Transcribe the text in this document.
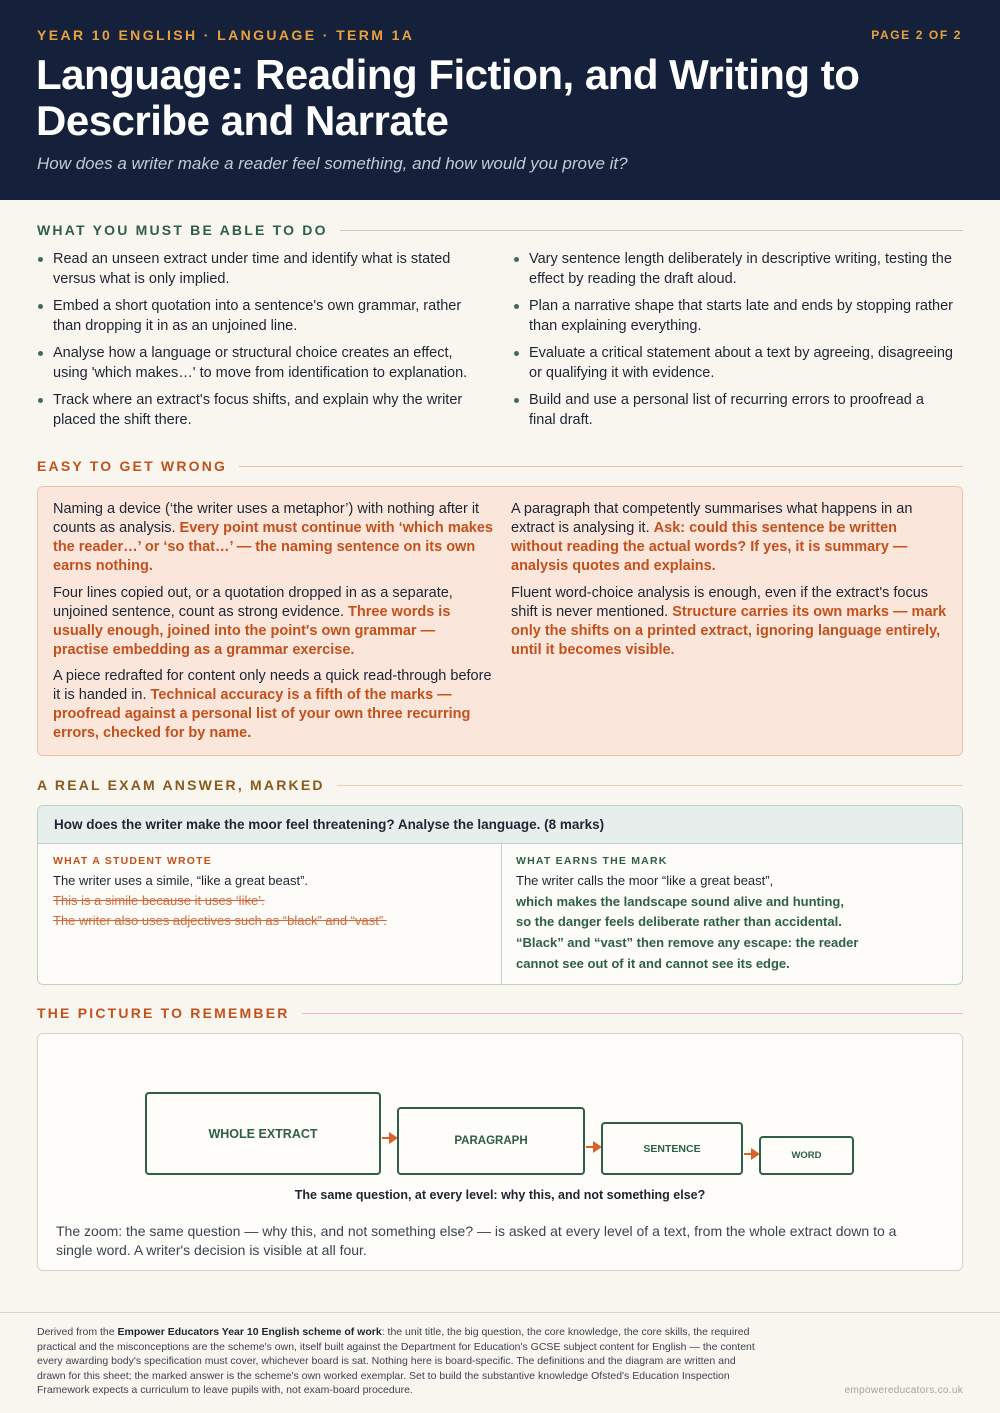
YEAR 10 ENGLISH · LANGUAGE · TERM 1A	PAGE 2 OF 2
Language: Reading Fiction, and Writing to Describe and Narrate
How does a writer make a reader feel something, and how would you prove it?
WHAT YOU MUST BE ABLE TO DO
Read an unseen extract under time and identify what is stated versus what is only implied.
Embed a short quotation into a sentence's own grammar, rather than dropping it in as an unjoined line.
Analyse how a language or structural choice creates an effect, using 'which makes…' to move from identification to explanation.
Track where an extract's focus shifts, and explain why the writer placed the shift there.
Vary sentence length deliberately in descriptive writing, testing the effect by reading the draft aloud.
Plan a narrative shape that starts late and ends by stopping rather than explaining everything.
Evaluate a critical statement about a text by agreeing, disagreeing or qualifying it with evidence.
Build and use a personal list of recurring errors to proofread a final draft.
EASY TO GET WRONG
Naming a device (‘the writer uses a metaphor’) with nothing after it counts as analysis. Every point must continue with ‘which makes the reader…’ or ‘so that…’ — the naming sentence on its own earns nothing.
Four lines copied out, or a quotation dropped in as a separate, unjoined sentence, count as strong evidence. Three words is usually enough, joined into the point's own grammar — practise embedding as a grammar exercise.
A piece redrafted for content only needs a quick read-through before it is handed in. Technical accuracy is a fifth of the marks — proofread against a personal list of your own three recurring errors, checked for by name.
A paragraph that competently summarises what happens in an extract is analysing it. Ask: could this sentence be written without reading the actual words? If yes, it is summary — analysis quotes and explains.
Fluent word-choice analysis is enough, even if the extract's focus shift is never mentioned. Structure carries its own marks — mark only the shifts on a printed extract, ignoring language entirely, until it becomes visible.
A REAL EXAM ANSWER, MARKED
How does the writer make the moor feel threatening? Analyse the language. (8 marks)
WHAT A STUDENT WROTE
The writer uses a simile, “like a great beast”.
This is a simile because it uses ‘like’.
The writer also uses adjectives such as “black” and “vast”.
WHAT EARNS THE MARK
The writer calls the moor “like a great beast”,
which makes the landscape sound alive and hunting,
so the danger feels deliberate rather than accidental.
“Black” and “vast” then remove any escape: the reader
cannot see out of it and cannot see its edge.
THE PICTURE TO REMEMBER
WHOLE EXTRACT
PARAGRAPH
SENTENCE
WORD
The same question, at every level: why this, and not something else?
The zoom: the same question — why this, and not something else? — is asked at every level of a text, from the whole extract down to a single word. A writer's decision is visible at all four.
Derived from the Empower Educators Year 10 English scheme of work: the unit title, the big question, the core knowledge, the core skills, the required practical and the misconceptions are the scheme's own, itself built against the Department for Education's GCSE subject content for English — the content every awarding body's specification must cover, whichever board is sat. Nothing here is board-specific. The definitions and the diagram are written and drawn for this sheet; the marked answer is the scheme's own worked exemplar. Set to build the substantive knowledge Ofsted's Education Inspection Framework expects a curriculum to leave pupils with, not exam-board procedure.	empowereducators.co.uk
